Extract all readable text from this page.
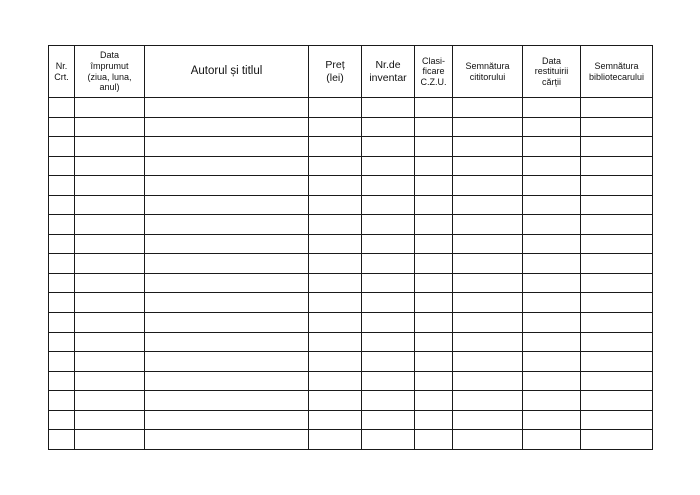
Nr.
Crt.	Data
împrumut
(ziua, luna,
anul)	Autorul și titlul	Preț
(lei)	Nr.de
inventar	Clasi-
ficare
C.Z.U.	Semnătura
cititorului	Data
restituirii
cărții	Semnătura
bibliotecarului
